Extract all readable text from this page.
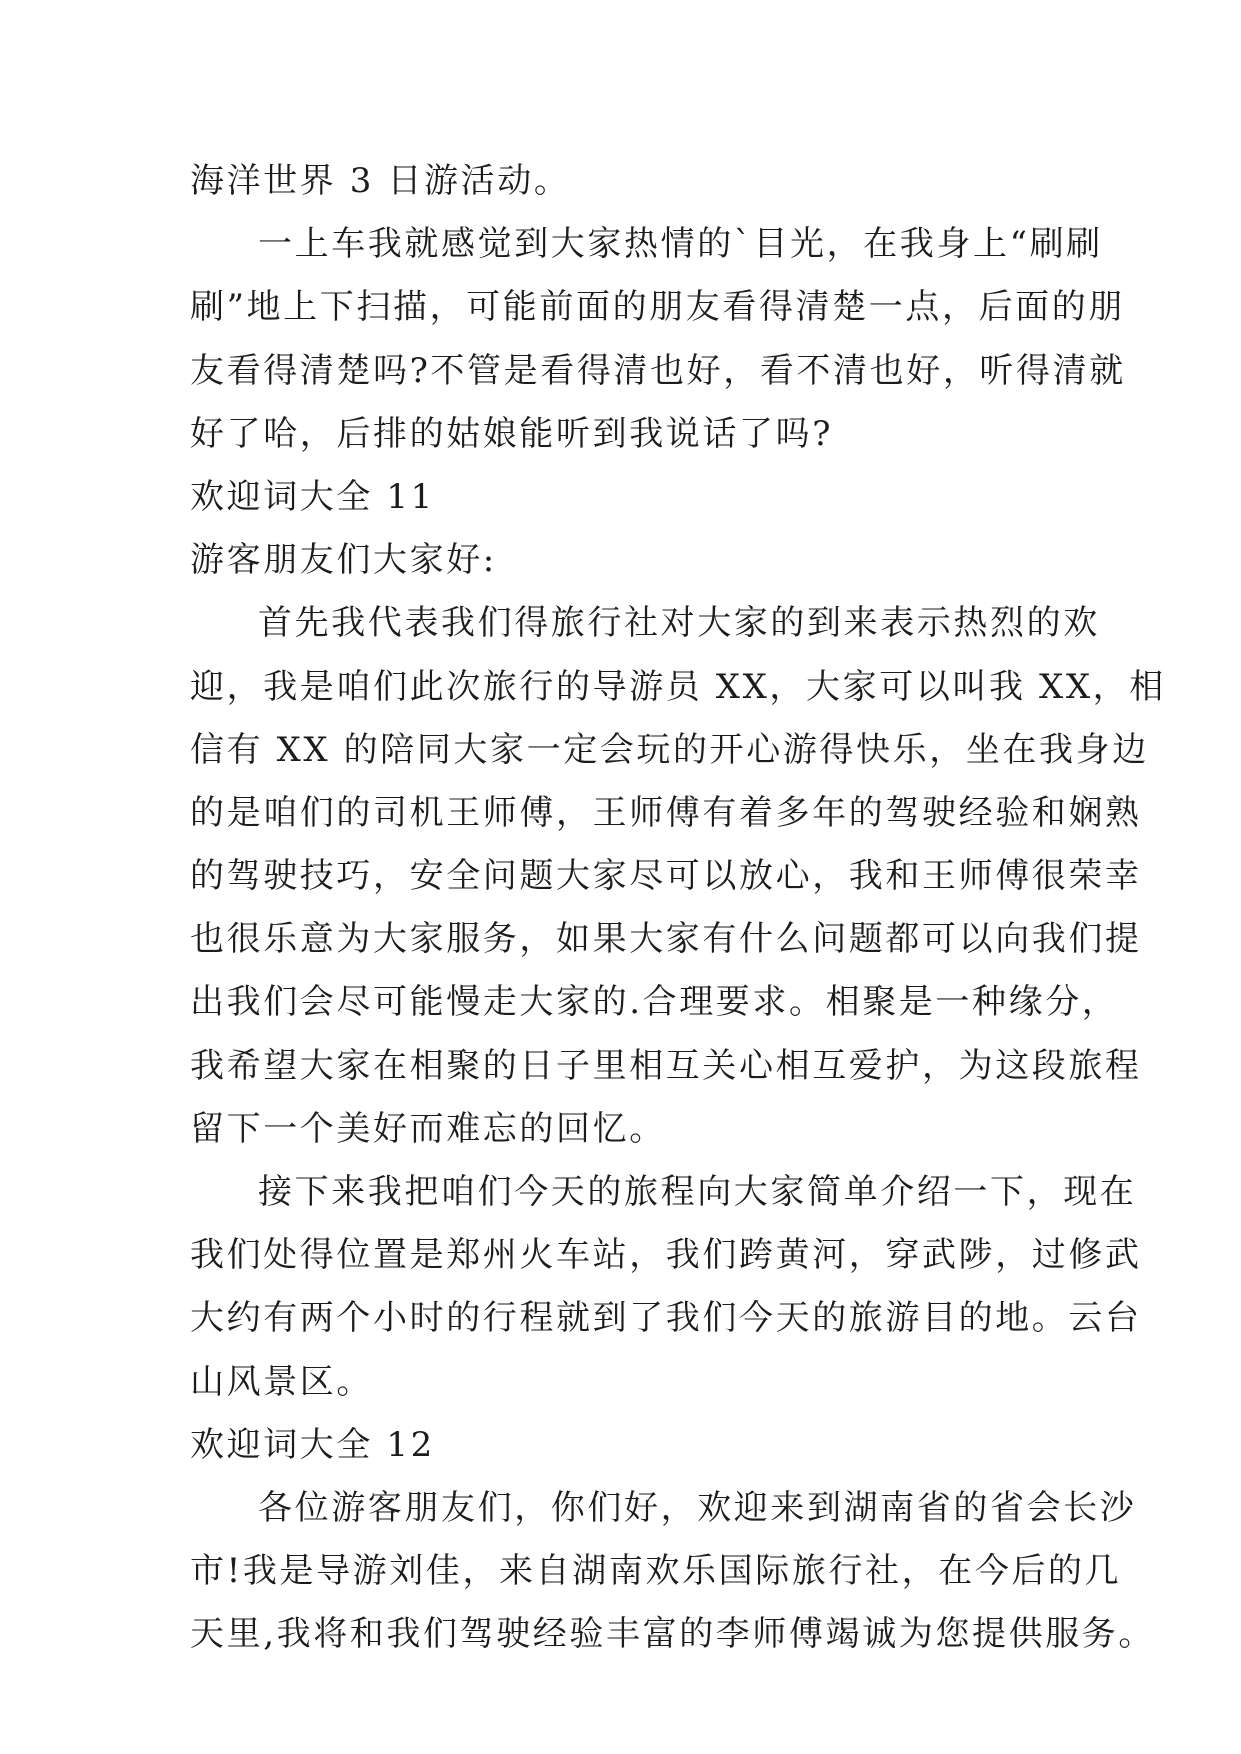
海洋世界 3 日游活动。
一上车我就感觉到大家热情的`目光，在我身上“刷刷
刷”地上下扫描，可能前面的朋友看得清楚一点，后面的朋
友看得清楚吗?不管是看得清也好，看不清也好，听得清就
好了哈，后排的姑娘能听到我说话了吗?
欢迎词大全 11
游客朋友们大家好:
首先我代表我们得旅行社对大家的到来表示热烈的欢
迎，我是咱们此次旅行的导游员 XX，大家可以叫我 XX，相
信有 XX 的陪同大家一定会玩的开心游得快乐，坐在我身边
的是咱们的司机王师傅，王师傅有着多年的驾驶经验和娴熟
的驾驶技巧，安全问题大家尽可以放心，我和王师傅很荣幸
也很乐意为大家服务，如果大家有什么问题都可以向我们提
出我们会尽可能慢走大家的.合理要求。相聚是一种缘分，
我希望大家在相聚的日子里相互关心相互爱护，为这段旅程
留下一个美好而难忘的回忆。
接下来我把咱们今天的旅程向大家简单介绍一下，现在
我们处得位置是郑州火车站，我们跨黄河，穿武陟，过修武
大约有两个小时的行程就到了我们今天的旅游目的地。云台
山风景区。
欢迎词大全 12
各位游客朋友们，你们好，欢迎来到湖南省的省会长沙
市!我是导游刘佳，来自湖南欢乐国际旅行社，在今后的几
天里,我将和我们驾驶经验丰富的李师傅竭诚为您提供服务。
